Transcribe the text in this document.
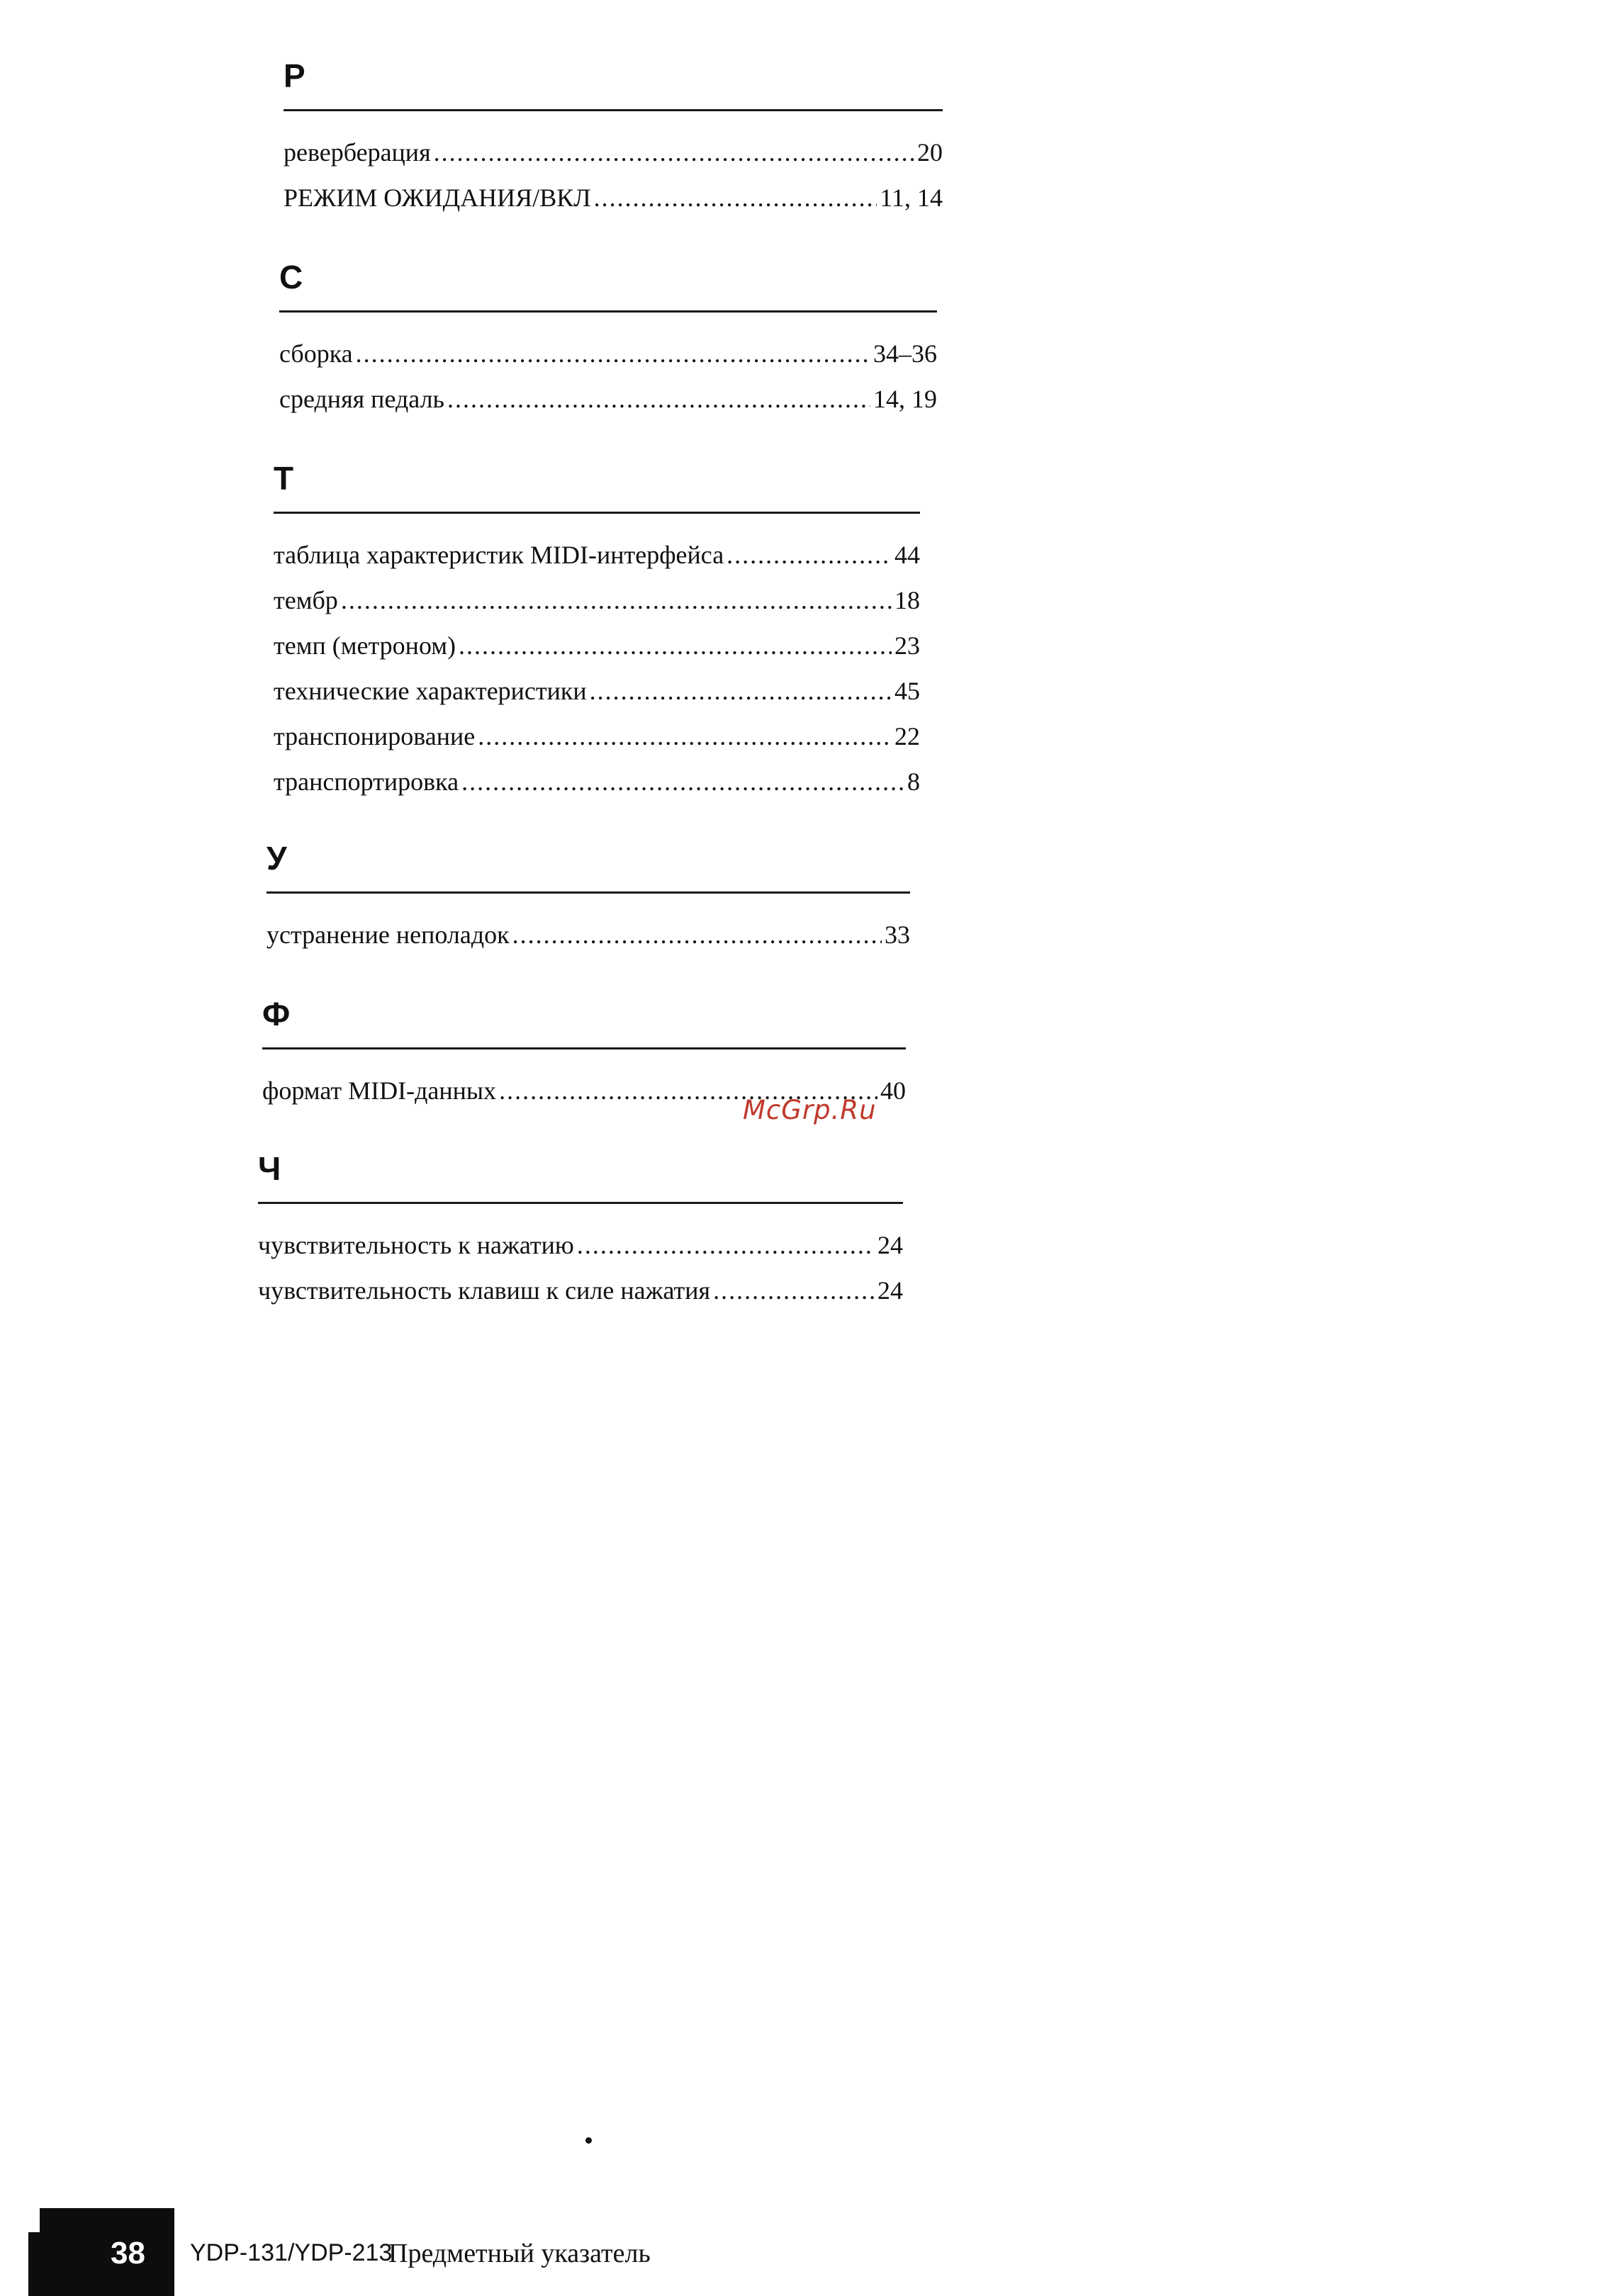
Р
реверберация .....	20
РЕЖИМ ОЖИДАНИЯ/ВКЛ .....	11, 14
С
сборка .....	34–36
средняя педаль .....	14, 19
Т
таблица характеристик MIDI-интерфейса .....	44
тембр .....	18
темп (метроном) .....	23
технические характеристики .....	45
транспонирование .....	22
транспортировка .....	8
У
устранение неполадок .....	33
Ф
формат MIDI-данных .....	40
Ч
чувствительность к нажатию .....	24
чувствительность клавиш к силе нажатия .....	24
McGrp.Ru
38 YDP-131/YDP-213
Предметный указатель
